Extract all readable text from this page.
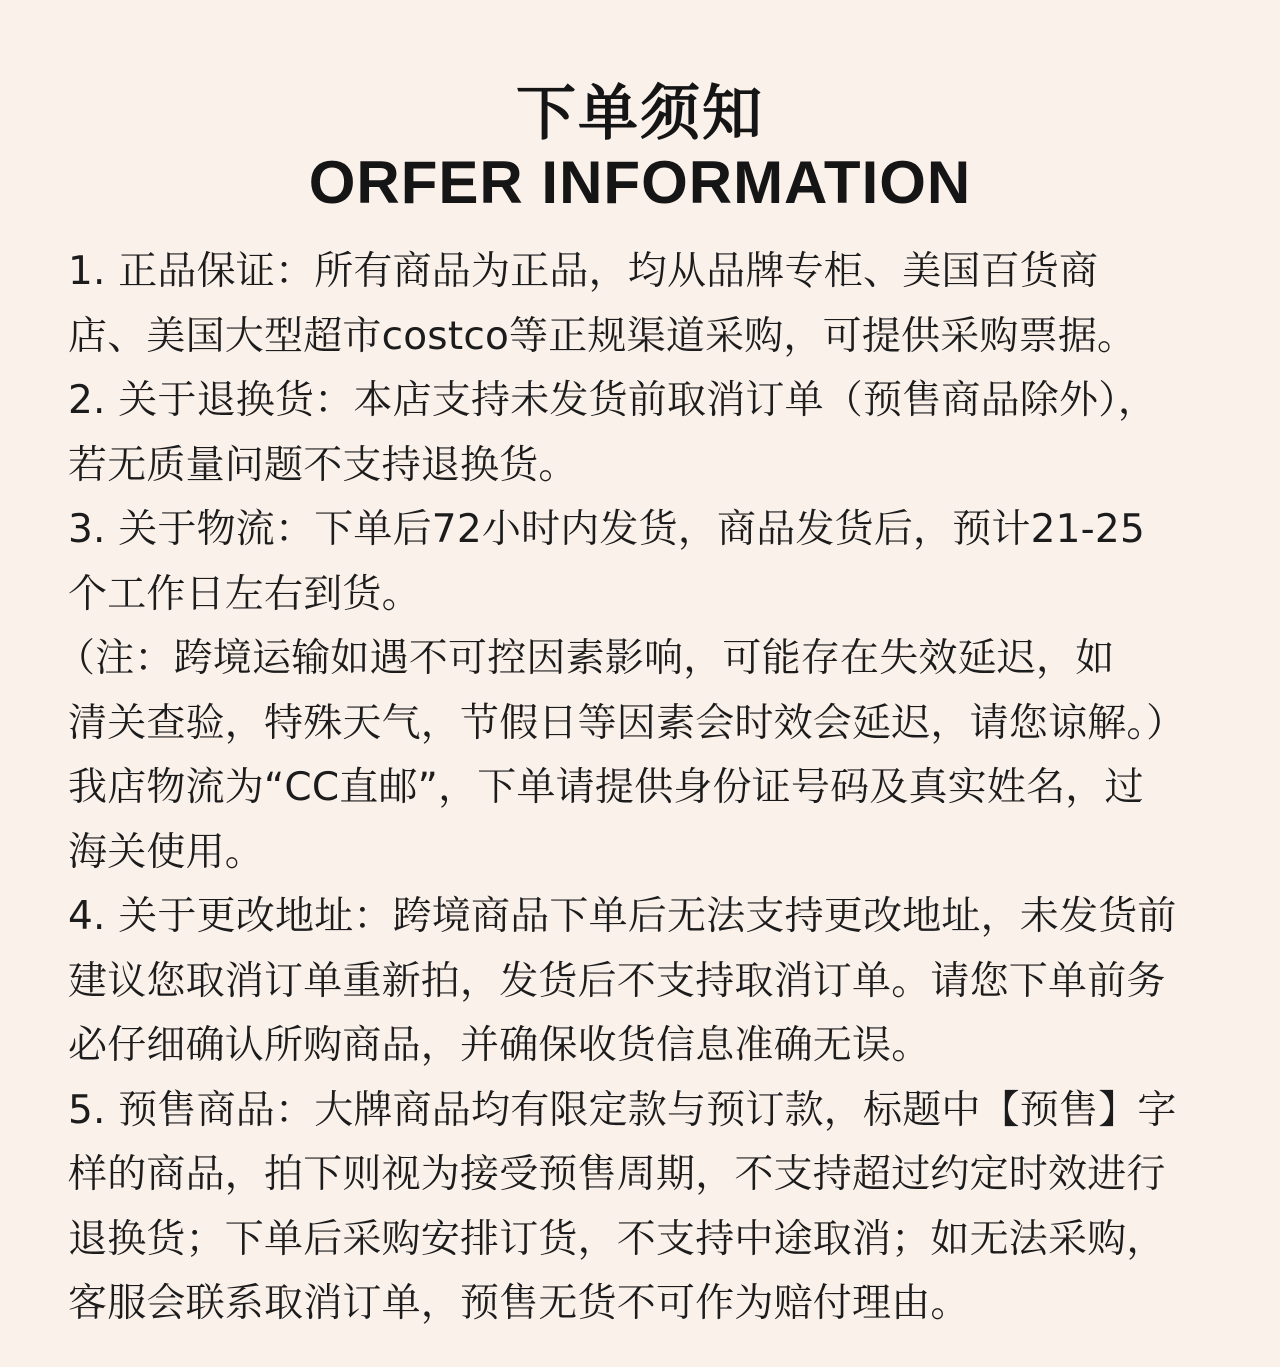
下单须知
ORFER INFORMATION
1. 正品保证：所有商品为正品，均从品牌专柜、美国百货商
店、美国大型超市costco等正规渠道采购，可提供采购票据。
2. 关于退换货：本店支持未发货前取消订单（预售商品除外），
若无质量问题不支持退换货。
3. 关于物流：下单后72小时内发货，商品发货后，预计21-25
个工作日左右到货。
（注：跨境运输如遇不可控因素影响，可能存在失效延迟，如
清关查验，特殊天气，节假日等因素会时效会延迟，请您谅解。）
我店物流为“CC直邮”，下单请提供身份证号码及真实姓名，过
海关使用。
4. 关于更改地址：跨境商品下单后无法支持更改地址，未发货前
建议您取消订单重新拍，发货后不支持取消订单。请您下单前务
必仔细确认所购商品，并确保收货信息准确无误。
5. 预售商品：大牌商品均有限定款与预订款，标题中【预售】字
样的商品，拍下则视为接受预售周期，不支持超过约定时效进行
退换货；下单后采购安排订货，不支持中途取消；如无法采购，
客服会联系取消订单，预售无货不可作为赔付理由。
